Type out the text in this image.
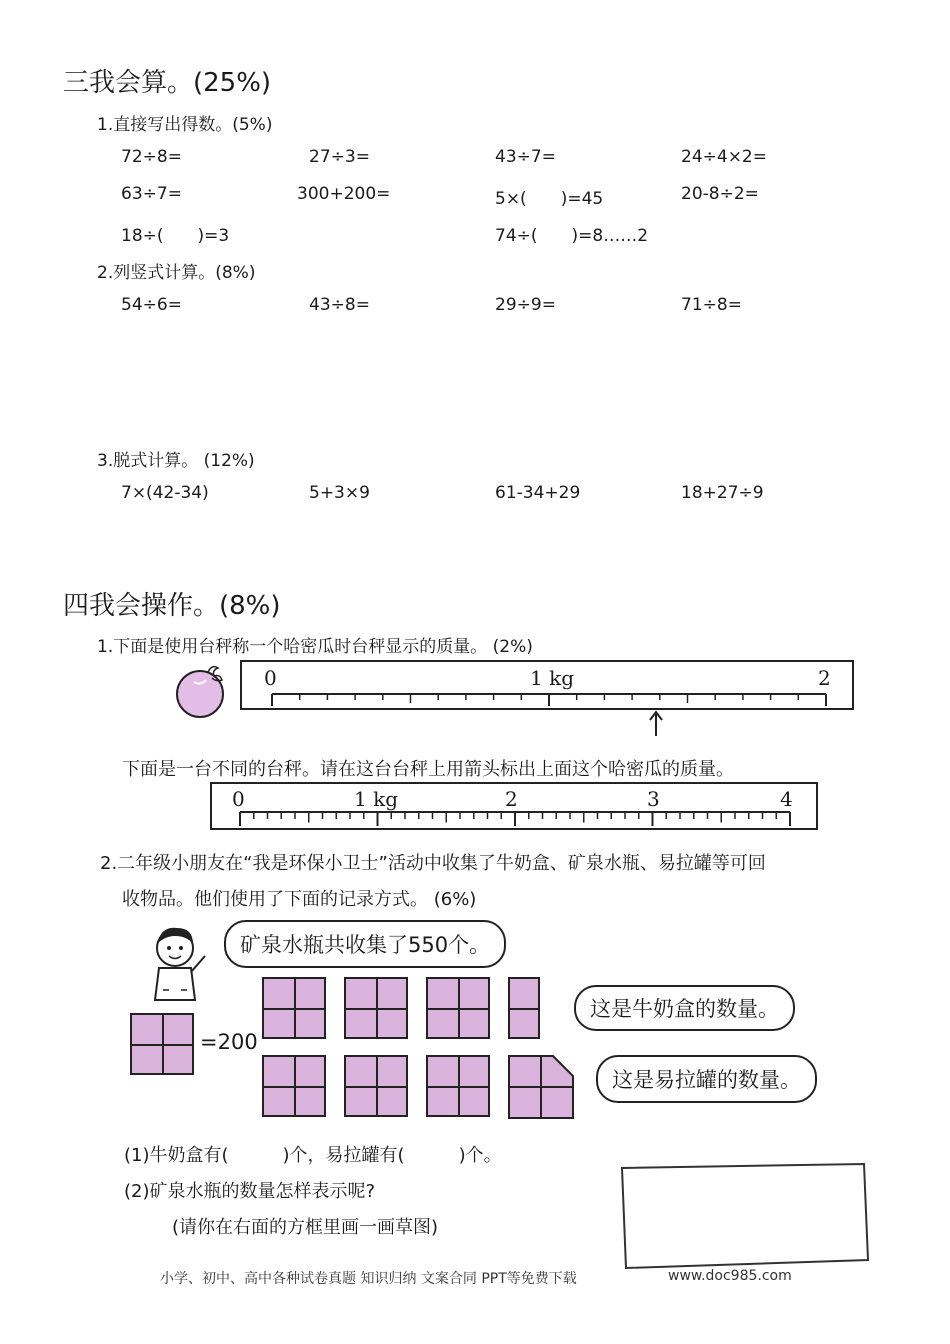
三我会算。(25%)
1.直接写出得数。(5%)
72÷8=	27÷3=	43÷7=	24÷4×2=
63÷7=	300+200=	5×(　　)=45	20-8÷2=
18÷(　　)=3	74÷(　　)=8……2
2.列竖式计算。(8%)
54÷6=	43÷8=	29÷9=	71÷8=
3.脱式计算。 (12%)
7×(42-34)	5+3×9	61-34+29	18+27÷9
四我会操作。(8%)
1.下面是使用台秤称一个哈密瓜时台秤显示的质量。 (2%)
0	1 kg	2
下面是一台不同的台秤。请在这台台秤上用箭头标出上面这个哈密瓜的质量。
0	1 kg	2	3	4
2.二年级小朋友在“我是环保小卫士”活动中收集了牛奶盒、矿泉水瓶、易拉罐等可回
收物品。他们使用了下面的记录方式。 (6%)
矿泉水瓶共收集了550个。
=200
这是牛奶盒的数量。
这是易拉罐的数量。
(1)牛奶盒有(　　　)个，易拉罐有(　　　)个。
(2)矿泉水瓶的数量怎样表示呢?
(请你在右面的方框里画一画草图)
小学、初中、高中各种试卷真题 知识归纳 文案合同 PPT等免费下载	www.doc985.com
